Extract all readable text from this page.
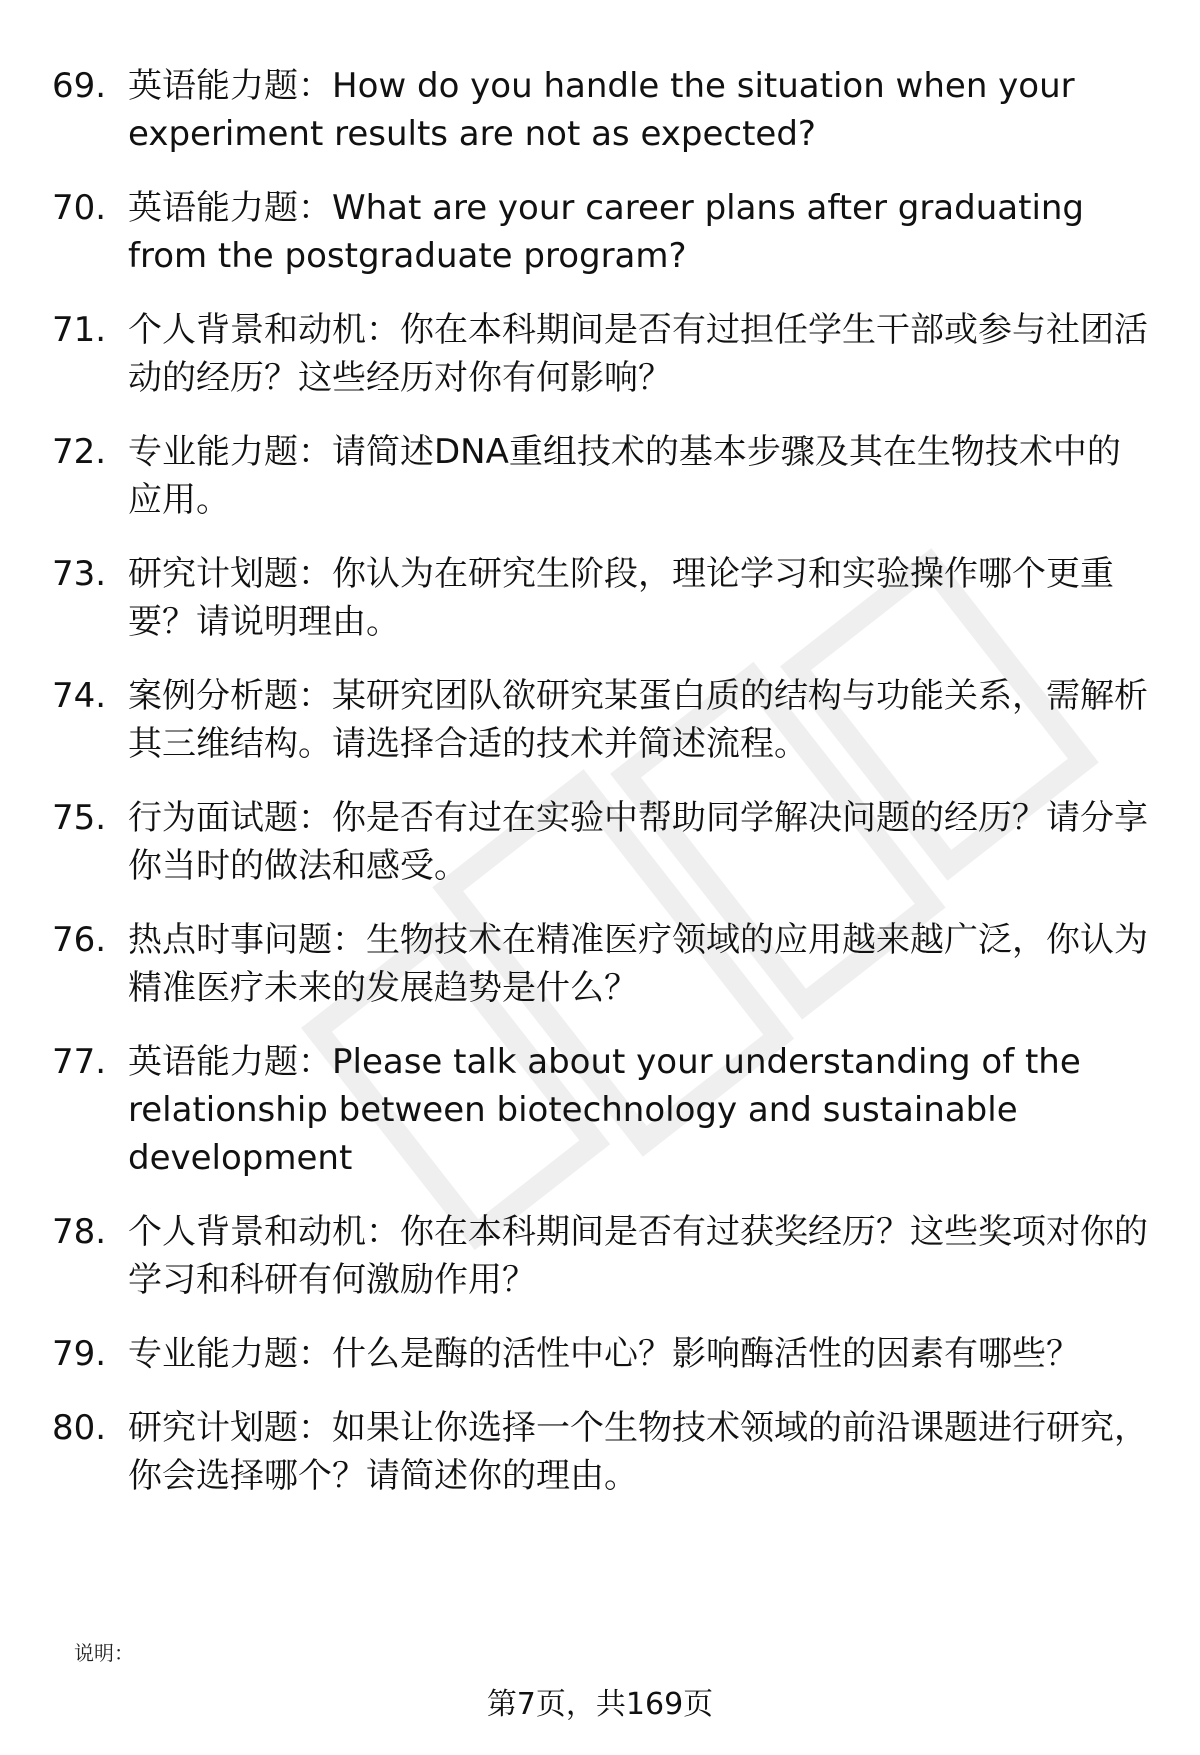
69. 英语能力题：How do you handle the situation when your experiment results are not as expected?
70. 英语能力题：What are your career plans after graduating from the postgraduate program?
71. 个人背景和动机：你在本科期间是否有过担任学生干部或参与社团活动的经历？这些经历对你有何影响？
72. 专业能力题：请简述DNA重组技术的基本步骤及其在生物技术中的应用。
73. 研究计划题：你认为在研究生阶段，理论学习和实验操作哪个更重要？请说明理由。
74. 案例分析题：某研究团队欲研究某蛋白质的结构与功能关系，需解析其三维结构。请选择合适的技术并简述流程。
75. 行为面试题：你是否有过在实验中帮助同学解决问题的经历？请分享你当时的做法和感受。
76. 热点时事问题：生物技术在精准医疗领域的应用越来越广泛，你认为精准医疗未来的发展趋势是什么？
77. 英语能力题：Please talk about your understanding of the relationship between biotechnology and sustainable development
78. 个人背景和动机：你在本科期间是否有过获奖经历？这些奖项对你的学习和科研有何激励作用？
79. 专业能力题：什么是酶的活性中心？影响酶活性的因素有哪些？
80. 研究计划题：如果让你选择一个生物技术领域的前沿课题进行研究，你会选择哪个？请简述你的理由。
说明：
第7页，共169页
